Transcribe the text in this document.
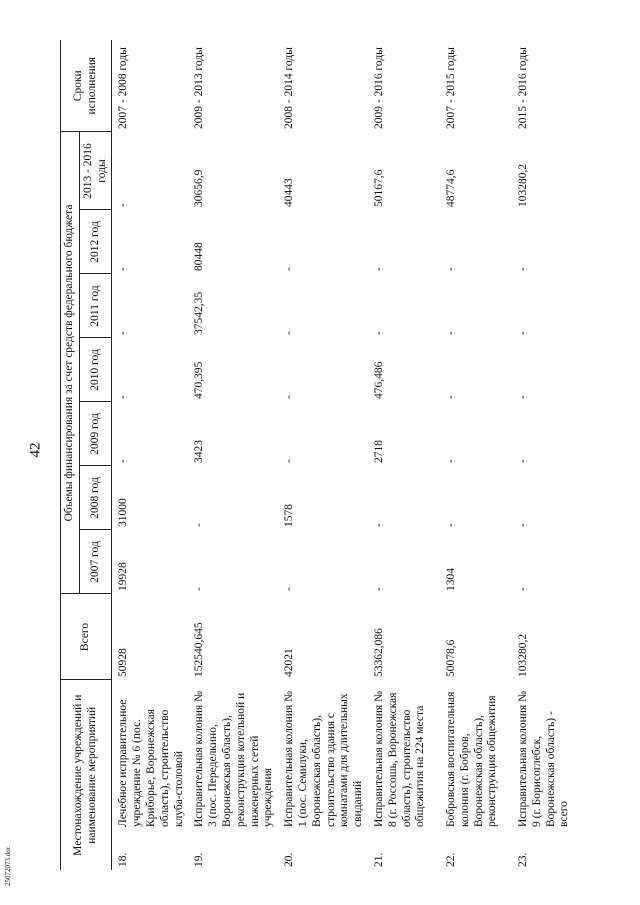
42
2507207З.doc
Местонахождение учреждений и наименование мероприятий		Всего	Объемы финансирования за счет средств федерального бюджета							Сроки исполнения
			2007 год	2008 год	2009 год	2010 год	2011 год	2012 год	2013 - 2016 годы	
18.	Лечебное исправительное учреждение № 6 (пос. Криборье, Воронежская область), строительство клуба-столовой	50928	19928	31000	-	-	-	-	-	2007 - 2008 годы
19.	Исправительная колония № 3 (пос. Переделкино, Воронежская область), реконструкция котельной и инженерных сетей учреждения	152540,645	-	-	3423	470,395	37542,35	80448	30656,9	2009 - 2013 годы
20.	Исправительная колония № 1 (пос. Семилуки, Воронежская область), строительство здания с комнатами для длительных свиданий	42021	-	1578	-	-	-	-	40443	2008 - 2014 годы
21.	Исправительная колония № 8 (г. Россошь, Воронежская область), строительство общежития на 224 места	53362,086	-	-	2718	476,486	-	-	50167,6	2009 - 2016 годы
22.	Бобровская воспитательная колония (г. Бобров, Воронежская область), реконструкция общежития	50078,6	1304	-	-	-	-	-	48774,6	2007 - 2015 годы
23.	Исправительная колония № 9 (г. Борисоглебск, Воронежская область) - всего	103280,2	-	-	-	-	-	-	103280,2	2015 - 2016 годы
